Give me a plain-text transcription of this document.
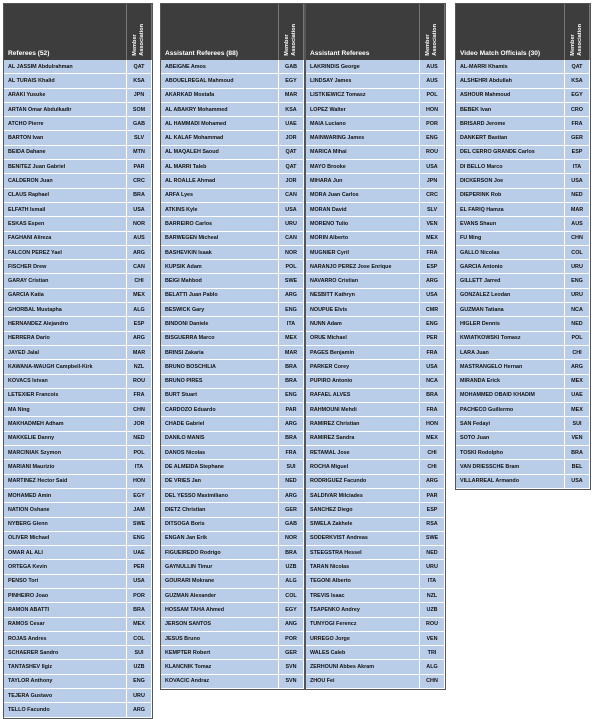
Referees (52)	Member
Association

AL JASSIM Abdulrahman	QAT
AL TURAIS Khalid	KSA
ARAKI Yusuke	JPN
ARTAN Omar Abdulkadir	SOM
ATCHO Pierre	GAB
BARTON Ivan	SLV
BEIDA Dahane	MTN
BENITEZ Juan Gabriel	PAR
CALDERON Juan	CRC
CLAUS Raphael	BRA
ELFATH Ismail	USA
ESKAS Espen	NOR
FAGHANI Alireza	AUS
FALCON PEREZ Yael	ARG
FISCHER Drew	CAN
GARAY Cristian	CHI
GARCIA Katia	MEX
GHORBAL Mustapha	ALG
HERNANDEZ Alejandro	ESP
HERRERA Dario	ARG
JAYED Jalal	MAR
KAWANA-WAUGH Campbell-Kirk	NZL
KOVACS Istvan	ROU
LETEXIER Francois	FRA
MA Ning	CHN
MAKHADMEH Adham	JOR
MAKKELIE Danny	NED
MARCINIAK Szymon	POL
MARIANI Maurizio	ITA
MARTINEZ Hector Said	HON
MOHAMED Amin	EGY
NATION Oshane	JAM
NYBERG Glenn	SWE
OLIVER Michael	ENG
OMAR AL ALI	UAE
ORTEGA Kevin	PER
PENSO Tori	USA
PINHEIRO Joao	POR
RAMON ABATTI	BRA
RAMOS Cesar	MEX
ROJAS Andres	COL
SCHAERER Sandro	SUI
TANTASHEV Ilgiz	UZB
TAYLOR Anthony	ENG
TEJERA Gustavo	URU
TELLO Facundo	ARG
Assistant Referees (88)	Member
Association

ABEIGNE Amos	GAB
ABOUELREGAL Mahmoud	EGY
AKARKAD Mostafa	MAR
AL ABAKRY Mohammed	KSA
AL HAMMADI Mohamed	UAE
AL KALAF Mohammad	JOR
AL MAQALEH Saoud	QAT
AL MARRI Taleb	QAT
AL ROALLE Ahmad	JOR
ARFA Lyes	CAN
ATKINS Kyle	USA
BARREIRO Carlos	URU
BARWEGEN Micheal	CAN
BASHEVKIN Isaak	NOR
KUPSIK Adam	POL
BEIGI Mahbod	SWE
BELATTI Juan Pablo	ARG
BESWICK Gary	ENG
BINDONI Daniele	ITA
BISGUERRA Marco	MEX
BRINSI Zakaria	MAR
BRUNO BOSCHILIA	BRA
BRUNO PIRES	BRA
BURT Stuart	ENG
CARDOZO Eduardo	PAR
CHADE Gabriel	ARG
DANILO MANIS	BRA
DANOS Nicolas	FRA
DE ALMEIDA Stephane	SUI
DE VRIES Jan	NED
DEL YESSO Maximiliano	ARG
DIETZ Christian	GER
DITSOGA Boris	GAB
ENGAN Jan Erik	NOR
FIGUEIREDO Rodrigo	BRA
GAYNULLIN Timur	UZB
GOURARI Mokrane	ALG
GUZMAN Alexander	COL
HOSSAM TAHA Ahmed	EGY
JERSON SANTOS	ANG
JESUS Bruno	POR
KEMPTER Robert	GER
KLANCNIK Tomaz	SVN
KOVACIC Andraz	SVN
Assistant Referees	Member
Association

LAKRINDIS George	AUS
LINDSAY James	AUS
LISTKIEWICZ Tomasz	POL
LOPEZ Walter	HON
MAIA Luciano	POR
MAINWARING James	ENG
MARICA Mihai	ROU
MAYO Brooke	USA
MIHARA Jun	JPN
MORA Juan Carlos	CRC
MORAN David	SLV
MORENO Tulio	VEN
MORIN Alberto	MEX
MUGNIER Cyril	FRA
NARANJO PEREZ Jose Enrique	ESP
NAVARRO Cristian	ARG
NESBITT Kathryn	USA
NOUPUE Elvis	CMR
NUNN Adam	ENG
ORUE Michael	PER
PAGES Benjamin	FRA
PARKER Corey	USA
PUPIRO Antonio	NCA
RAFAEL ALVES	BRA
RAHMOUNI Mehdi	FRA
RAMIREZ Christian	HON
RAMIREZ Sandra	MEX
RETAMAL Jose	CHI
ROCHA Miguel	CHI
RODRIGUEZ Facundo	ARG
SALDIVAR Milciades	PAR
SANCHEZ Diego	ESP
SIWELA Zakhele	RSA
SODERKVIST Andreas	SWE
STEEGSTRA Hessel	NED
TARAN Nicolas	URU
TEGONI Alberto	ITA
TREVIS Isaac	NZL
TSAPENKO Andrey	UZB
TUNYOGI Ferencz	ROU
URREGO Jorge	VEN
WALES Caleb	TRI
ZERHOUNI Abbes Akram	ALG
ZHOU Fei	CHN
Video Match Officials (30)	Member
Association

AL-MARRI Khamis	QAT
ALSHEHRI Abdullah	KSA
ASHOUR Mahmoud	EGY
BEBEK Ivan	CRO
BRISARD Jerome	FRA
DANKERT Bastian	GER
DEL CERRO GRANDE Carlos	ESP
DI BELLO Marco	ITA
DICKERSON Joe	USA
DIEPERINK Rob	NED
EL FARIQ Hamza	MAR
EVANS Shaun	AUS
FU Ming	CHN
GALLO Nicolas	COL
GARCIA Antonio	URU
GILLETT Jarred	ENG
GONZALEZ Leodan	URU
GUZMAN Tatiana	NCA
HIGLER Dennis	NED
KWIATKOWSKI Tomasz	POL
LARA Juan	CHI
MASTRANGELO Hernan	ARG
MIRANDA Erick	MEX
MOHAMMED OBAID KHADIM	UAE
PACHECO Guillermo	MEX
SAN Fedayi	SUI
SOTO Juan	VEN
TOSKI Rodolpho	BRA
VAN DRIESSCHE Bram	BEL
VILLARREAL Armando	USA
